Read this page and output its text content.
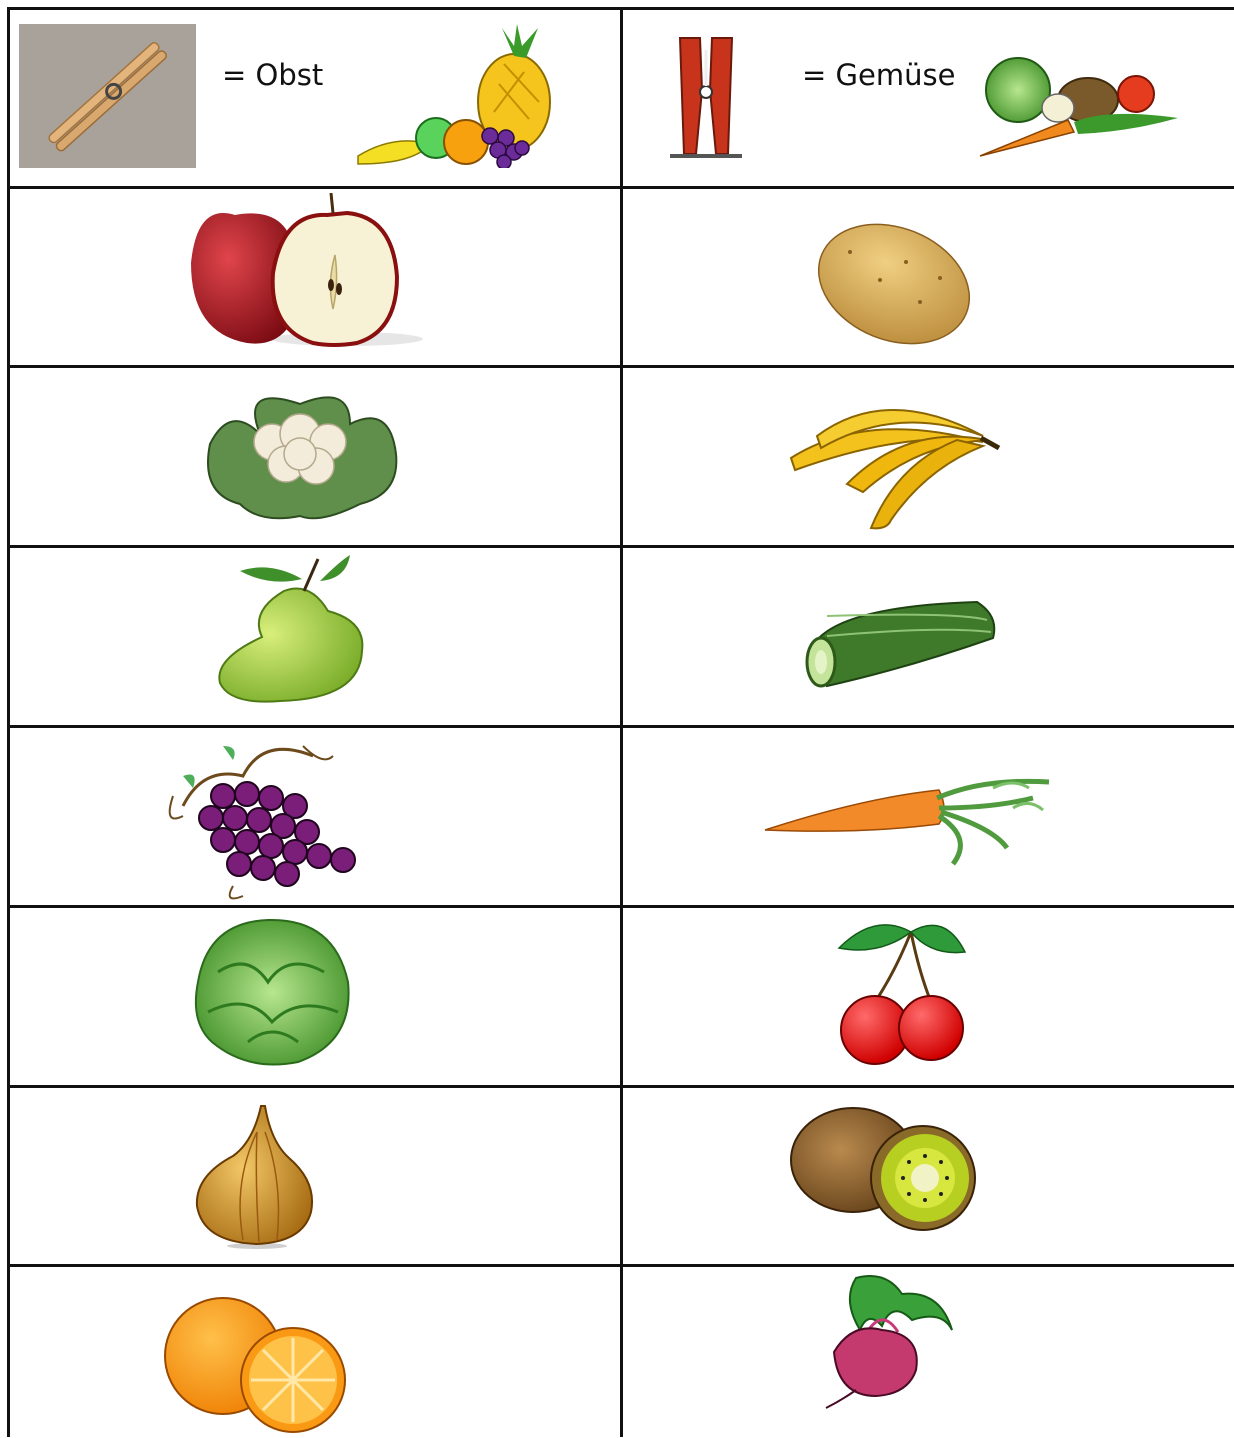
= Obst	= Gemüse
